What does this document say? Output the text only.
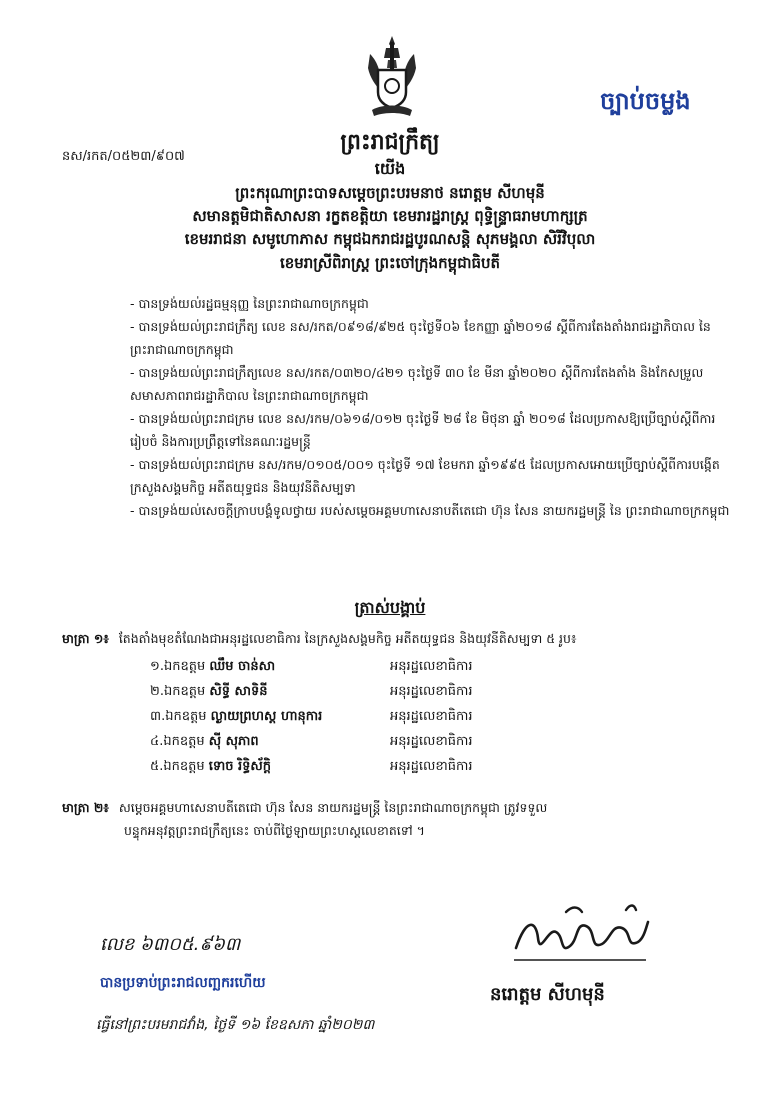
ច្បាប់ចម្លង
នស/រកត/០៥២៣/៩០៧
ព្រះរាជក្រឹត្យ
យើង
ព្រះករុណាព្រះបាទសម្តេចព្រះបរមនាថ នរោត្តម សីហមុនី
សមានត្តមិជាតិសាសនា រក្ខតខត្តិយា ខេមរារដ្ឋរាស្ត្រ ពុទ្ធិន្ទ្រាធរាមហាក្សត្រ
ខេមររាជនា សមូហោភាស កម្ពុជឯករាជរដ្ឋបូរណសន្តិ សុភមង្គលា សិរីវិបុលា
ខេមរាស្រីពិរាស្ត្រ ព្រះចៅក្រុងកម្ពុជាធិបតី

- បានទ្រង់យល់រដ្ឋធម្មនុញ្ញ នៃព្រះរាជាណាចក្រកម្ពុជា

- បានទ្រង់យល់ព្រះរាជក្រឹត្យ លេខ នស/រកត/០៩១៨/៩២៥ ចុះថ្ងៃទី០៦ ខែកញ្ញា ឆ្នាំ២០១៨ ស្តីពីការតែងតាំងរាជរដ្ឋាភិបាល នៃព្រះរាជាណាចក្រកម្ពុជា

- បានទ្រង់យល់ព្រះរាជក្រឹត្យលេខ នស/រកត/០៣២០/៤២១ ចុះថ្ងៃទី ៣០ ខែ មីនា ឆ្នាំ២០២០ ស្តីពីការតែងតាំង និងកែសម្រួលសមាសភាពរាជរដ្ឋាភិបាល នៃព្រះរាជាណាចក្រកម្ពុជា

- បានទ្រង់យល់ព្រះរាជក្រម លេខ នស/រកម/០៦១៨/០១២ ចុះថ្ងៃទី ២៨ ខែ មិថុនា ឆ្នាំ ២០១៨ ដែលប្រកាសឱ្យប្រើច្បាប់ស្តីពីការរៀបចំ និងការប្រព្រឹត្តទៅនៃគណៈរដ្ឋមន្ត្រី

- បានទ្រង់យល់ព្រះរាជក្រម នស/រកម/០១០៥/០០១ ចុះថ្ងៃទី ១៧ ខែមករា ឆ្នាំ១៩៩៥ ដែលប្រកាសអោយប្រើច្បាប់ស្តីពីការបង្កើតក្រសួងសង្គមកិច្ច អតីតយុទ្ធជន និងយុវនីតិសម្បទា

- បានទ្រង់យល់សេចក្តីក្រាបបង្គំទូលថ្វាយ របស់សម្តេចអគ្គមហាសេនាបតីតេជោ ហ៊ុន សែន នាយករដ្ឋមន្ត្រី នៃ ព្រះរាជាណាចក្រកម្ពុជា

ត្រាស់បង្គាប់
មាត្រា ១៖ តែងតាំងមុខតំណែងជាអនុរដ្ឋលេខាធិការ នៃក្រសួងសង្គមកិច្ច អតីតយុទ្ធជន និងយុវនីតិសម្បទា ៥ រូប៖
១.ឯកឧត្តម ឈឹម ចាន់សា	អនុរដ្ឋលេខាធិការ
២.ឯកឧត្តម សិទ្ធី សាទិនី	អនុរដ្ឋលេខាធិការ
៣.ឯកឧត្តម ល្ងាយព្រហស្ត ហានុការ	អនុរដ្ឋលេខាធិការ
៤.ឯកឧត្តម ស៊ី សុភាព	អនុរដ្ឋលេខាធិការ
៥.ឯកឧត្តម ទោច រិទ្ធិស័ក្តិ	អនុរដ្ឋលេខាធិការ
មាត្រា ២៖ សម្តេចអគ្គមហាសេនាបតីតេជោ ហ៊ុន សែន នាយករដ្ឋមន្ត្រី នៃព្រះរាជាណាចក្រកម្ពុជា ត្រូវទទួល
បន្ទុកអនុវត្តព្រះរាជក្រឹត្យនេះ ចាប់ពីថ្ងៃឡាយព្រះហស្តលេខាតទៅ ។
លេខ ៦៣០៥.៩៦៣
បានប្រទាប់ព្រះរាជលញ្ឆករហើយ
ធ្វើនៅព្រះបរមរាជវាំង, ថ្ងៃទី ១៦ ខែឧសភា ឆ្នាំ២០២៣
នរោត្តម សីហមុនី
